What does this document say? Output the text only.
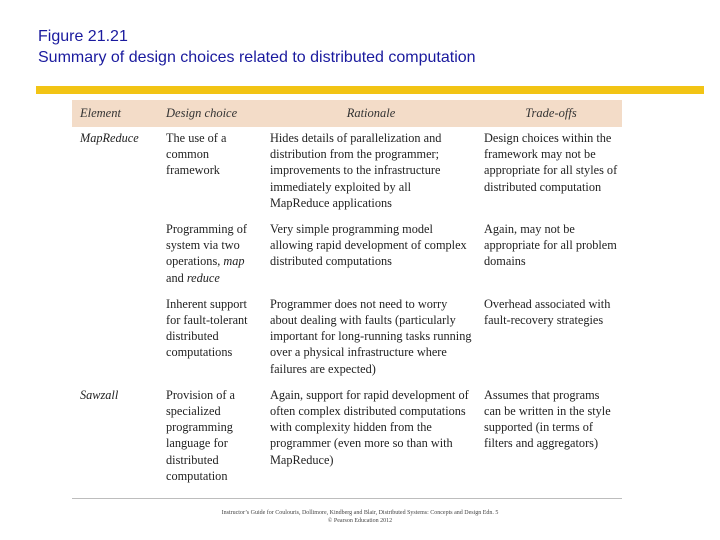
Figure 21.21
Summary of design choices related to distributed computation
Element	Design choice	Rationale	Trade-offs
MapReduce	The use of a common framework	Hides details of parallelization and distribution from the programmer; improvements to the infrastructure immediately exploited by all MapReduce applications	Design choices within the framework may not be appropriate for all styles of distributed computation
	Programming of system via two operations, map and reduce	Very simple programming model allowing rapid development of complex distributed computations	Again, may not be appropriate for all problem domains
	Inherent support for fault-tolerant distributed computations	Programmer does not need to worry about dealing with faults (particularly important for long-running tasks running over a physical infrastructure where failures are expected)	Overhead associated with fault-recovery strategies
Sawzall	Provision of a specialized programming language for distributed computation	Again, support for rapid development of often complex distributed computations with complexity hidden from the programmer (even more so than with MapReduce)	Assumes that programs can be written in the style supported (in terms of filters and aggregators)
Instructor’s Guide for Coulouris, Dollimore, Kindberg and Blair, Distributed Systems: Concepts and Design Edn. 5
© Pearson Education 2012
